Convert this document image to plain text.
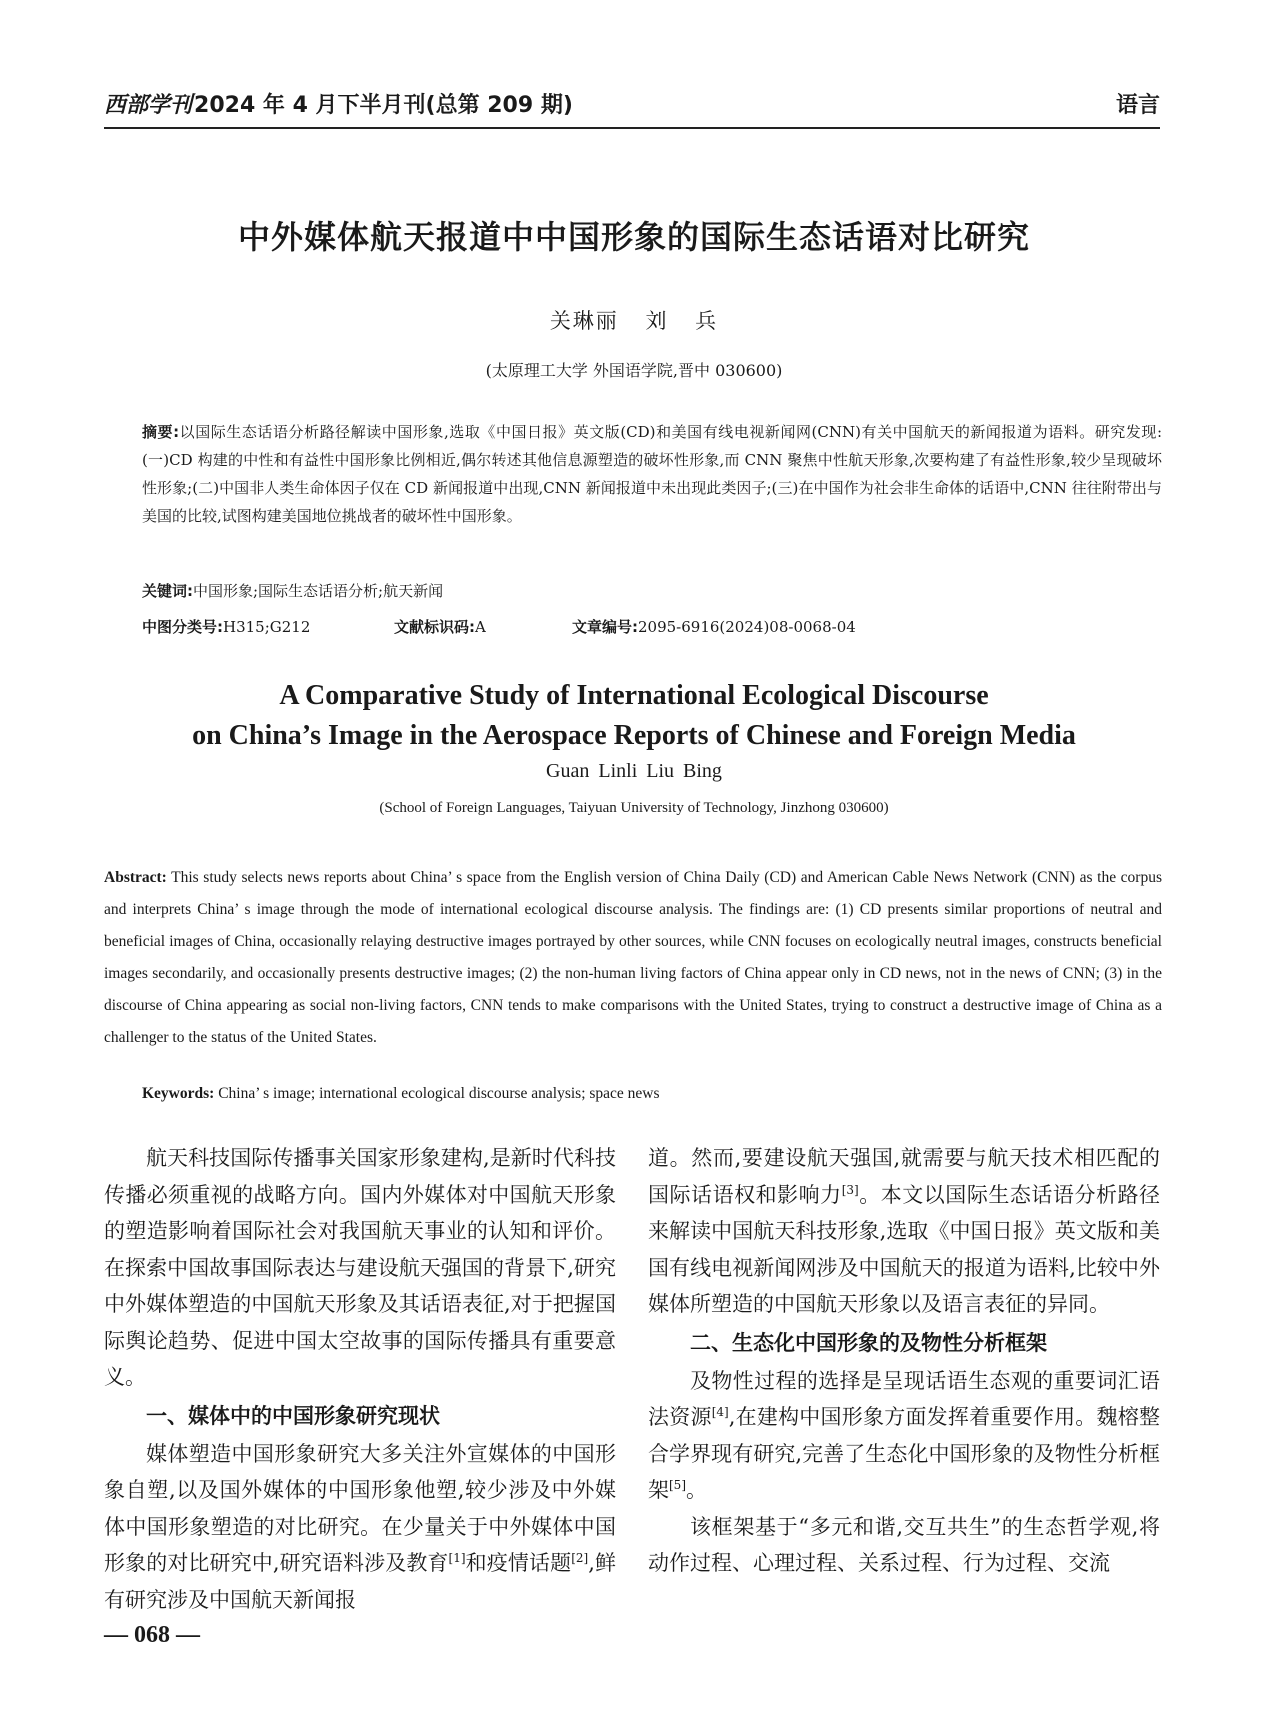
西部学刊2024 年 4 月下半月刊(总第 209 期)	语言
中外媒体航天报道中中国形象的国际生态话语对比研究
关琳丽 刘 兵
(太原理工大学 外国语学院,晋中 030600)
摘要:以国际生态话语分析路径解读中国形象,选取《中国日报》英文版(CD)和美国有线电视新闻网(CNN)有关中国航天的新闻报道为语料。研究发现:(一)CD 构建的中性和有益性中国形象比例相近,偶尔转述其他信息源塑造的破坏性形象,而 CNN 聚焦中性航天形象,次要构建了有益性形象,较少呈现破坏性形象;(二)中国非人类生命体因子仅在 CD 新闻报道中出现,CNN 新闻报道中未出现此类因子;(三)在中国作为社会非生命体的话语中,CNN 往往附带出与美国的比较,试图构建美国地位挑战者的破坏性中国形象。
关键词:中国形象;国际生态话语分析;航天新闻
中图分类号:H315;G212	文献标识码:A	文章编号:2095-6916(2024)08-0068-04
A Comparative Study of International Ecological Discourse
on China’s Image in the Aerospace Reports of Chinese and Foreign Media
Guan Linli Liu Bing
(School of Foreign Languages, Taiyuan University of Technology, Jinzhong 030600)
Abstract: This study selects news reports about China’ s space from the English version of China Daily (CD) and American Cable News Network (CNN) as the corpus and interprets China’ s image through the mode of international ecological discourse analysis. The findings are: (1) CD presents similar proportions of neutral and beneficial images of China, occasionally relaying destructive images portrayed by other sources, while CNN focuses on ecologically neutral images, constructs beneficial images secondarily, and occasionally presents destructive images; (2) the non-human living factors of China appear only in CD news, not in the news of CNN; (3) in the discourse of China appearing as social non-living factors, CNN tends to make comparisons with the United States, trying to construct a destructive image of China as a challenger to the status of the United States.
Keywords: China’ s image; international ecological discourse analysis; space news

航天科技国际传播事关国家形象建构,是新时代科技传播必须重视的战略方向。国内外媒体对中国航天形象的塑造影响着国际社会对我国航天事业的认知和评价。在探索中国故事国际表达与建设航天强国的背景下,研究中外媒体塑造的中国航天形象及其话语表征,对于把握国际舆论趋势、促进中国太空故事的国际传播具有重要意义。

一、媒体中的中国形象研究现状

媒体塑造中国形象研究大多关注外宣媒体的中国形象自塑,以及国外媒体的中国形象他塑,较少涉及中外媒体中国形象塑造的对比研究。在少量关于中外媒体中国形象的对比研究中,研究语料涉及教育[1]和疫情话题[2],鲜有研究涉及中国航天新闻报

道。然而,要建设航天强国,就需要与航天技术相匹配的国际话语权和影响力[3]。本文以国际生态话语分析路径来解读中国航天科技形象,选取《中国日报》英文版和美国有线电视新闻网涉及中国航天的报道为语料,比较中外媒体所塑造的中国航天形象以及语言表征的异同。

二、生态化中国形象的及物性分析框架

及物性过程的选择是呈现话语生态观的重要词汇语法资源[4],在建构中国形象方面发挥着重要作用。魏榕整合学界现有研究,完善了生态化中国形象的及物性分析框架[5]。

该框架基于“多元和谐,交互共生”的生态哲学观,将动作过程、心理过程、关系过程、行为过程、交流

— 068 —
